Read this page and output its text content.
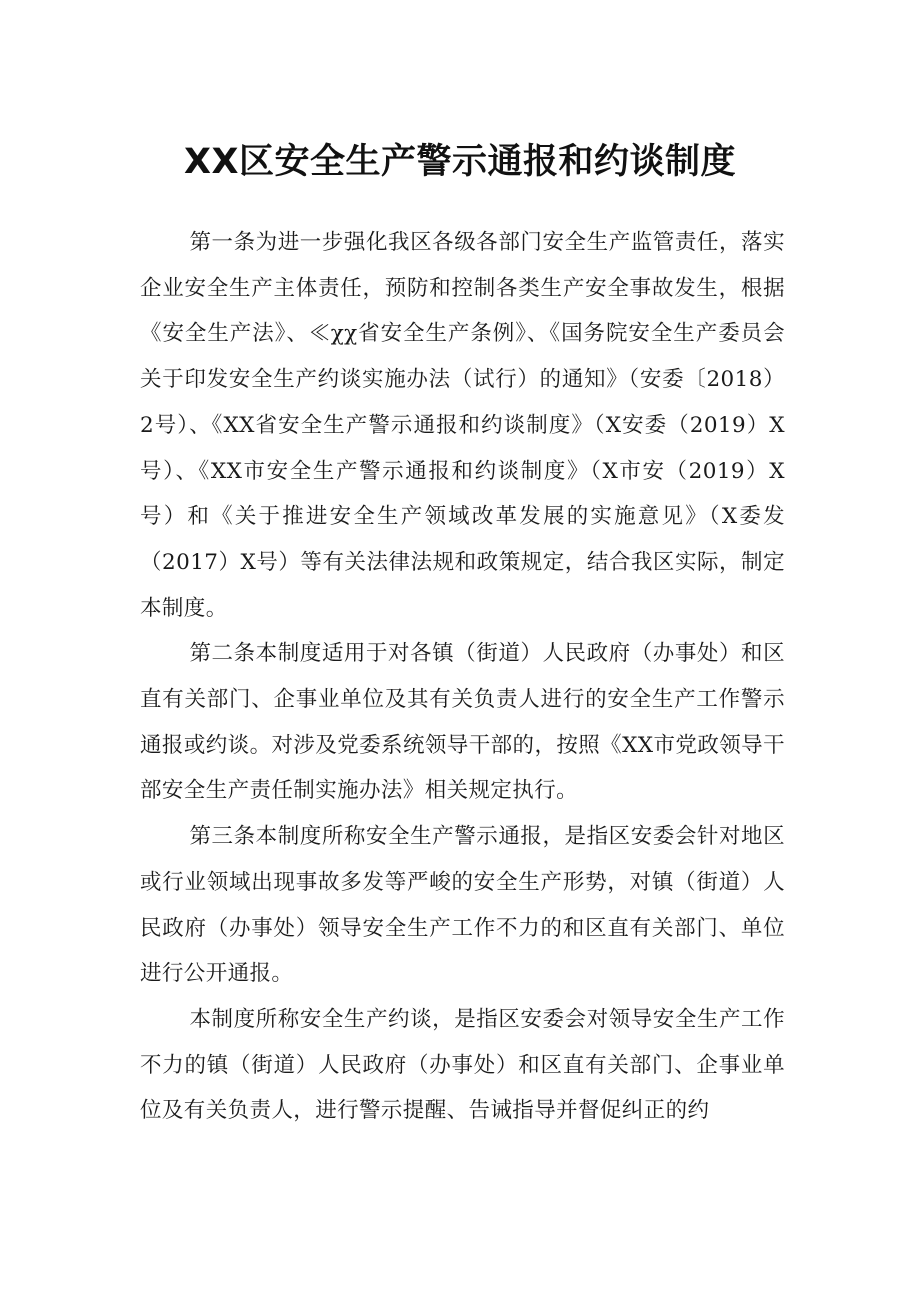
XX区安全生产警示通报和约谈制度

第一条为进一步强化我区各级各部门安全生产监管责任，落实企业安全生产主体责任，预防和控制各类生产安全事故发生，根据《安全生产法》、≪χχ省安全生产条例》、《国务院安全生产委员会关于印发安全生产约谈实施办法（试行）的通知》（安委〔2018）2号）、《XX省安全生产警示通报和约谈制度》（X安委（2019）X号）、《XX市安全生产警示通报和约谈制度》（X市安（2019）X号）和《关于推进安全生产领域改革发展的实施意见》（X委发（2017）X号）等有关法律法规和政策规定，结合我区实际，制定本制度。

第二条本制度适用于对各镇（街道）人民政府（办事处）和区直有关部门、企事业单位及其有关负责人进行的安全生产工作警示通报或约谈。对涉及党委系统领导干部的，按照《XX市党政领导干部安全生产责任制实施办法》相关规定执行。

第三条本制度所称安全生产警示通报，是指区安委会针对地区或行业领域出现事故多发等严峻的安全生产形势，对镇（街道）人民政府（办事处）领导安全生产工作不力的和区直有关部门、单位进行公开通报。

本制度所称安全生产约谈，是指区安委会对领导安全生产工作不力的镇（街道）人民政府（办事处）和区直有关部门、企事业单位及有关负责人，进行警示提醒、告诫指导并督促纠正的约
